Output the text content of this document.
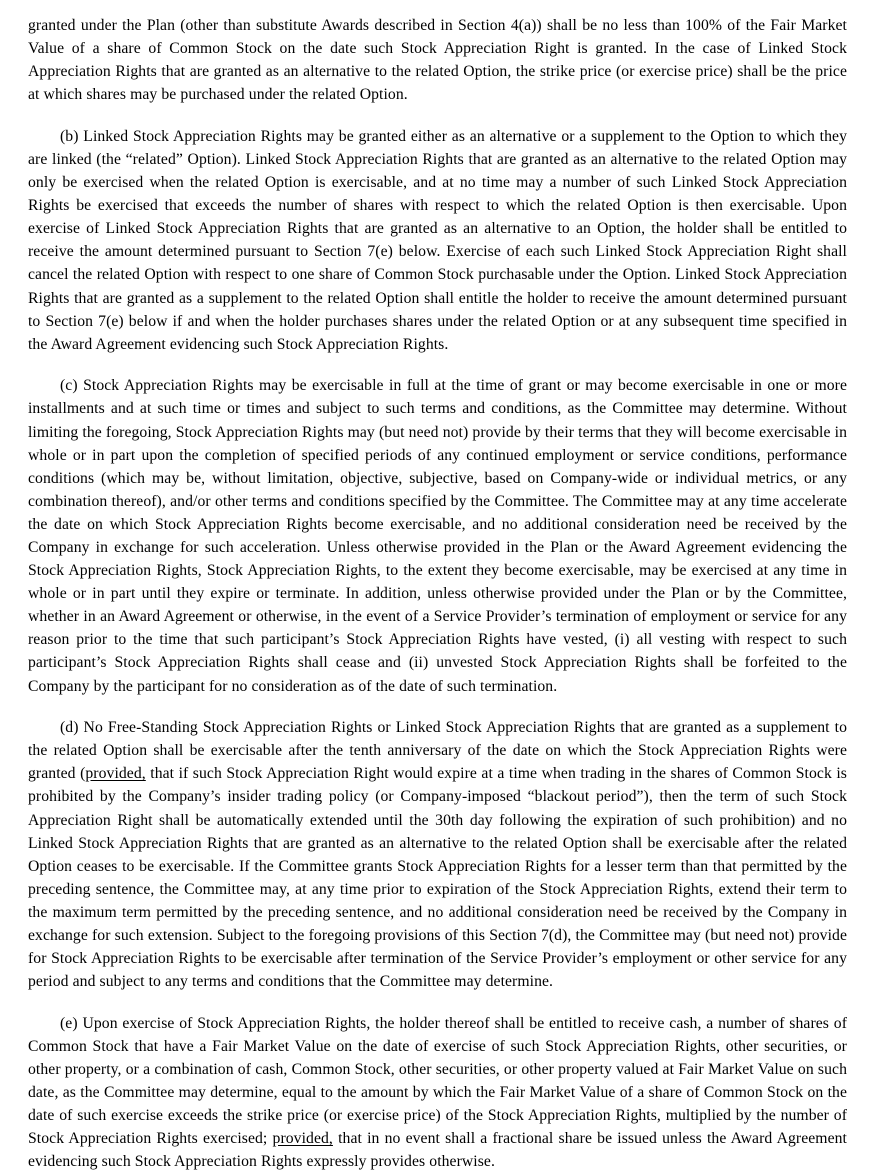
granted under the Plan (other than substitute Awards described in Section 4(a)) shall be no less than 100% of the Fair Market Value of a share of Common Stock on the date such Stock Appreciation Right is granted. In the case of Linked Stock Appreciation Rights that are granted as an alternative to the related Option, the strike price (or exercise price) shall be the price at which shares may be purchased under the related Option.

(b) Linked Stock Appreciation Rights may be granted either as an alternative or a supplement to the Option to which they are linked (the “related” Option). Linked Stock Appreciation Rights that are granted as an alternative to the related Option may only be exercised when the related Option is exercisable, and at no time may a number of such Linked Stock Appreciation Rights be exercised that exceeds the number of shares with respect to which the related Option is then exercisable. Upon exercise of Linked Stock Appreciation Rights that are granted as an alternative to an Option, the holder shall be entitled to receive the amount determined pursuant to Section 7(e) below. Exercise of each such Linked Stock Appreciation Right shall cancel the related Option with respect to one share of Common Stock purchasable under the Option. Linked Stock Appreciation Rights that are granted as a supplement to the related Option shall entitle the holder to receive the amount determined pursuant to Section 7(e) below if and when the holder purchases shares under the related Option or at any subsequent time specified in the Award Agreement evidencing such Stock Appreciation Rights.

(c) Stock Appreciation Rights may be exercisable in full at the time of grant or may become exercisable in one or more installments and at such time or times and subject to such terms and conditions, as the Committee may determine. Without limiting the foregoing, Stock Appreciation Rights may (but need not) provide by their terms that they will become exercisable in whole or in part upon the completion of specified periods of any continued employment or service conditions, performance conditions (which may be, without limitation, objective, subjective, based on Company-wide or individual metrics, or any combination thereof), and/or other terms and conditions specified by the Committee. The Committee may at any time accelerate the date on which Stock Appreciation Rights become exercisable, and no additional consideration need be received by the Company in exchange for such acceleration. Unless otherwise provided in the Plan or the Award Agreement evidencing the Stock Appreciation Rights, Stock Appreciation Rights, to the extent they become exercisable, may be exercised at any time in whole or in part until they expire or terminate. In addition, unless otherwise provided under the Plan or by the Committee, whether in an Award Agreement or otherwise, in the event of a Service Provider’s termination of employment or service for any reason prior to the time that such participant’s Stock Appreciation Rights have vested, (i) all vesting with respect to such participant’s Stock Appreciation Rights shall cease and (ii) unvested Stock Appreciation Rights shall be forfeited to the Company by the participant for no consideration as of the date of such termination.

(d) No Free-Standing Stock Appreciation Rights or Linked Stock Appreciation Rights that are granted as a supplement to the related Option shall be exercisable after the tenth anniversary of the date on which the Stock Appreciation Rights were granted (provided, that if such Stock Appreciation Right would expire at a time when trading in the shares of Common Stock is prohibited by the Company’s insider trading policy (or Company-imposed “blackout period”), then the term of such Stock Appreciation Right shall be automatically extended until the 30th day following the expiration of such prohibition) and no Linked Stock Appreciation Rights that are granted as an alternative to the related Option shall be exercisable after the related Option ceases to be exercisable. If the Committee grants Stock Appreciation Rights for a lesser term than that permitted by the preceding sentence, the Committee may, at any time prior to expiration of the Stock Appreciation Rights, extend their term to the maximum term permitted by the preceding sentence, and no additional consideration need be received by the Company in exchange for such extension. Subject to the foregoing provisions of this Section 7(d), the Committee may (but need not) provide for Stock Appreciation Rights to be exercisable after termination of the Service Provider’s employment or other service for any period and subject to any terms and conditions that the Committee may determine.

(e) Upon exercise of Stock Appreciation Rights, the holder thereof shall be entitled to receive cash, a number of shares of Common Stock that have a Fair Market Value on the date of exercise of such Stock Appreciation Rights, other securities, or other property, or a combination of cash, Common Stock, other securities, or other property valued at Fair Market Value on such date, as the Committee may determine, equal to the amount by which the Fair Market Value of a share of Common Stock on the date of such exercise exceeds the strike price (or exercise price) of the Stock Appreciation Rights, multiplied by the number of Stock Appreciation Rights exercised; provided, that in no event shall a fractional share be issued unless the Award Agreement evidencing such Stock Appreciation Rights expressly provides otherwise.
